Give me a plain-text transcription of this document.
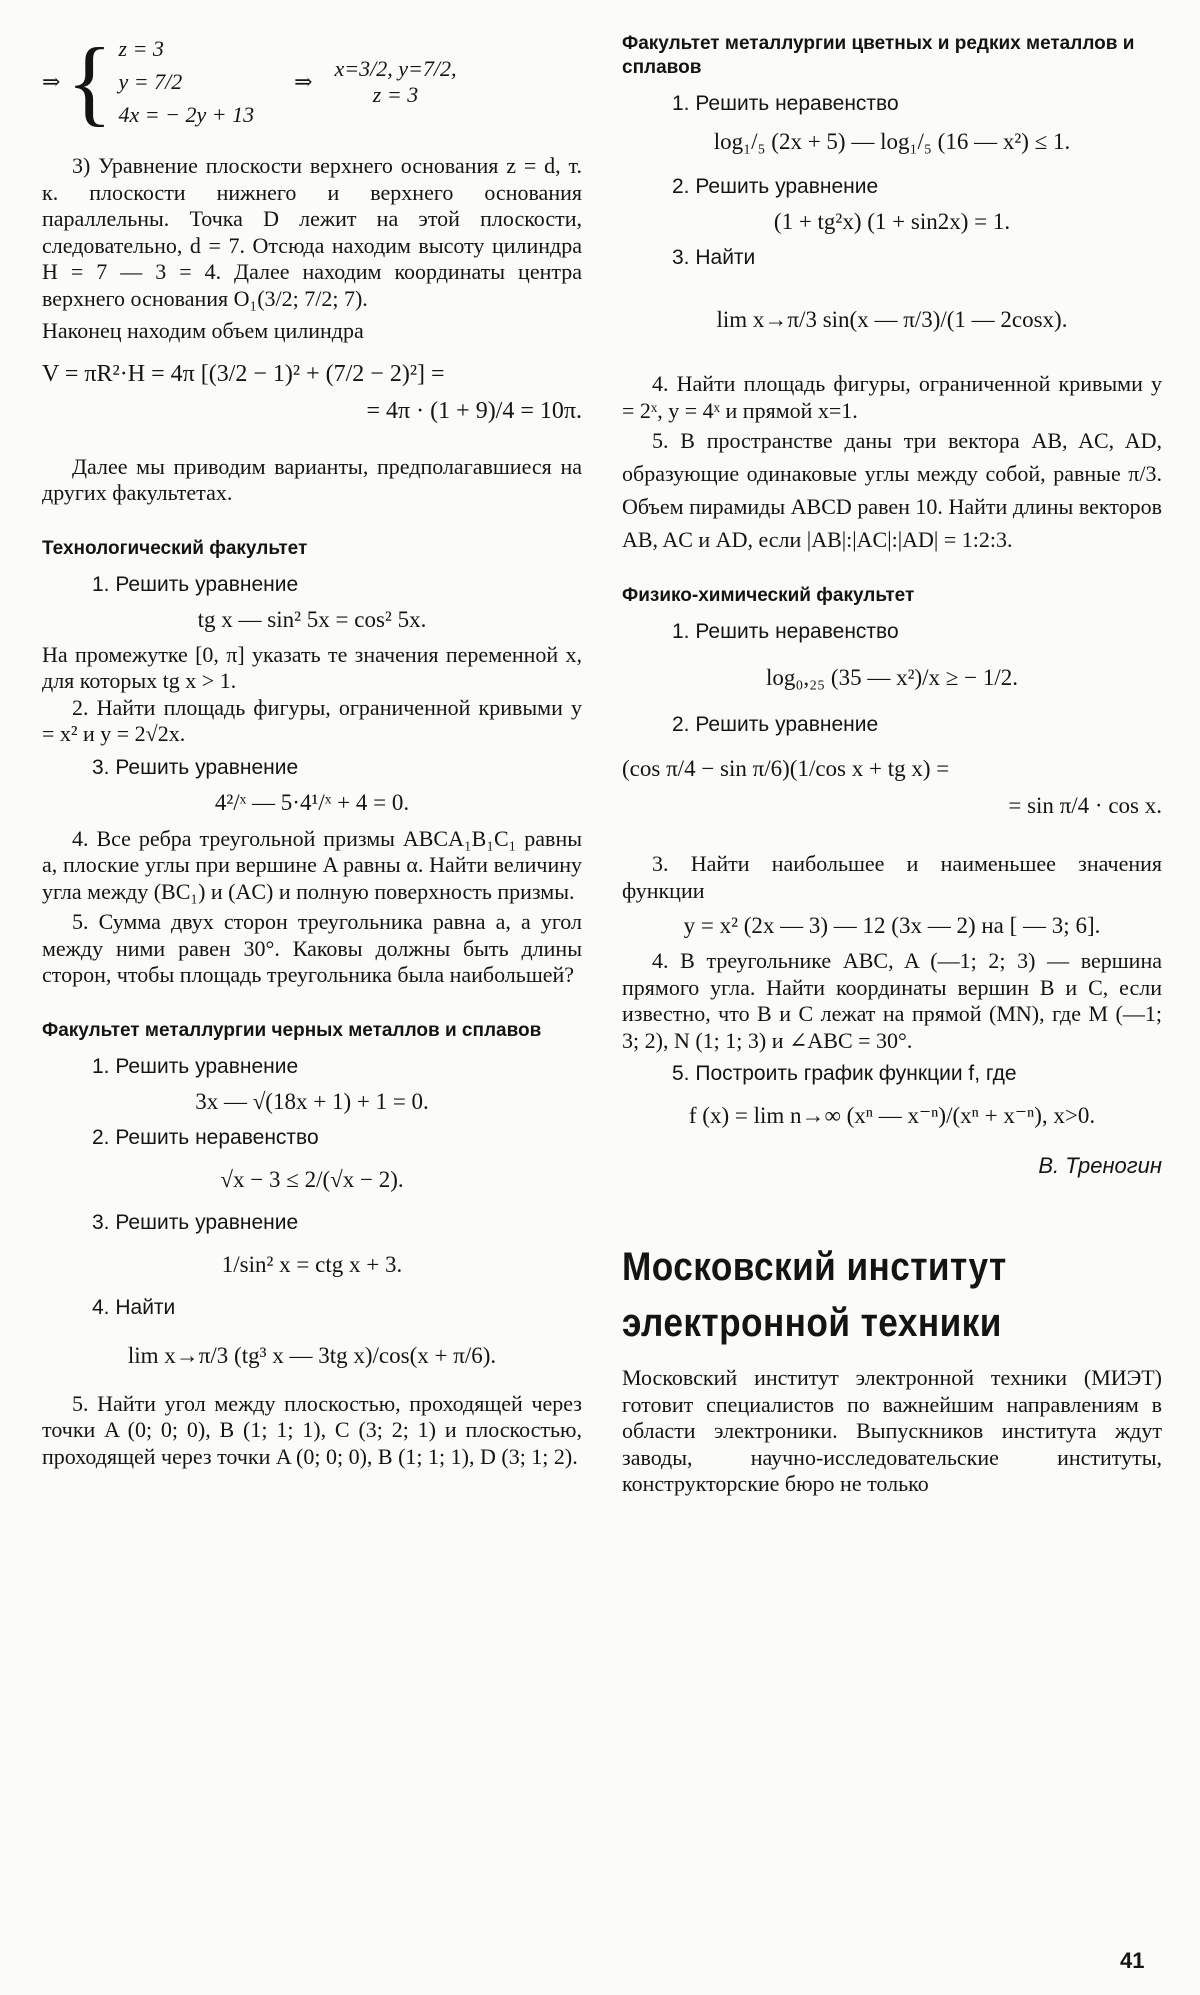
⇒ { z = 3
y = 7/2
4x = − 2y + 13
⇒
x=3/2, y=7/2,
z = 3

3) Уравнение плоскости верхнего основания z = d, т. к. плоскости нижнего и верхнего основания параллельны. Точка D лежит на этой плоскости, следовательно, d = 7. Отсюда находим высоту цилиндра H = 7 — 3 = 4. Далее находим координаты центра верхнего основания O₁(3/2; 7/2; 7).

Наконец находим объем цилиндра

V = πR²·H = 4π [(3/2 − 1)² + (7/2 − 2)²] =
= 4π · (1 + 9)/4 = 10π.

Далее мы приводим варианты, предполагавшиеся на других факультетах.

Технологический факультет
1. Решить уравнение
tg x — sin² 5x = cos² 5x.

На промежутке [0, π] указать те значения переменной x, для которых tg x > 1.

2. Найти площадь фигуры, ограниченной кривыми y = x² и y = 2√2x.

3. Решить уравнение
4²/ˣ — 5·4¹/ˣ + 4 = 0.

4. Все ребра треугольной призмы ABCA₁B₁C₁ равны a, плоские углы при вершине A равны α. Найти величину угла между (BC₁) и (AC) и полную поверхность призмы.

5. Сумма двух сторон треугольника равна a, а угол между ними равен 30°. Каковы должны быть длины сторон, чтобы площадь треугольника была наибольшей?

Факультет металлургии черных металлов и сплавов
1. Решить уравнение
3x — √(18x + 1) + 1 = 0.
2. Решить неравенство
√x − 3 ≤ 2/(√x − 2).
3. Решить уравнение
1/sin² x = ctg x + 3.
4. Найти
lim x→π/3 (tg³ x — 3tg x)/cos(x + π/6).

5. Найти угол между плоскостью, проходящей через точки A (0; 0; 0), B (1; 1; 1), C (3; 2; 1) и плоскостью, проходящей через точки A (0; 0; 0), B (1; 1; 1), D (3; 1; 2).

Факультет металлургии цветных и редких металлов и сплавов
1. Решить неравенство
log₁/₅ (2x + 5) — log₁/₅ (16 — x²) ≤ 1.
2. Решить уравнение
(1 + tg²x) (1 + sin2x) = 1.
3. Найти
lim x→π/3 sin(x — π/3)/(1 — 2cosx).

4. Найти площадь фигуры, ограниченной кривыми y = 2ˣ, y = 4ˣ и прямой x=1.

5. В пространстве даны три вектора AB, AC, AD, образующие одинаковые углы между собой, равные π/3. Объем пирамиды ABCD равен 10. Найти длины векторов AB, AC и AD, если |AB|:|AC|:|AD| = 1:2:3.

Физико-химический факультет
1. Решить неравенство
log₀,₂₅ (35 — x²)/x ≥ − 1/2.
2. Решить уравнение
(cos π/4 − sin π/6)(1/cos x + tg x) =
= sin π/4 · cos x.

3. Найти наибольшее и наименьшее значения функции

y = x² (2x — 3) — 12 (3x — 2) на [ — 3; 6].

4. В треугольнике ABC, A (—1; 2; 3) — вершина прямого угла. Найти координаты вершин B и C, если известно, что B и C лежат на прямой (MN), где M (—1; 3; 2), N (1; 1; 3) и ∠ABC = 30°.

5. Построить график функции f, где
f (x) = lim n→∞ (xⁿ — x⁻ⁿ)/(xⁿ + x⁻ⁿ), x>0.
В. Треногин
Московский институт
электронной техники

Московский институт электронной техники (МИЭТ) готовит специалистов по важнейшим направлениям в области электроники. Выпускников института ждут заводы, научно-исследовательские институты, конструкторские бюро не только

41
